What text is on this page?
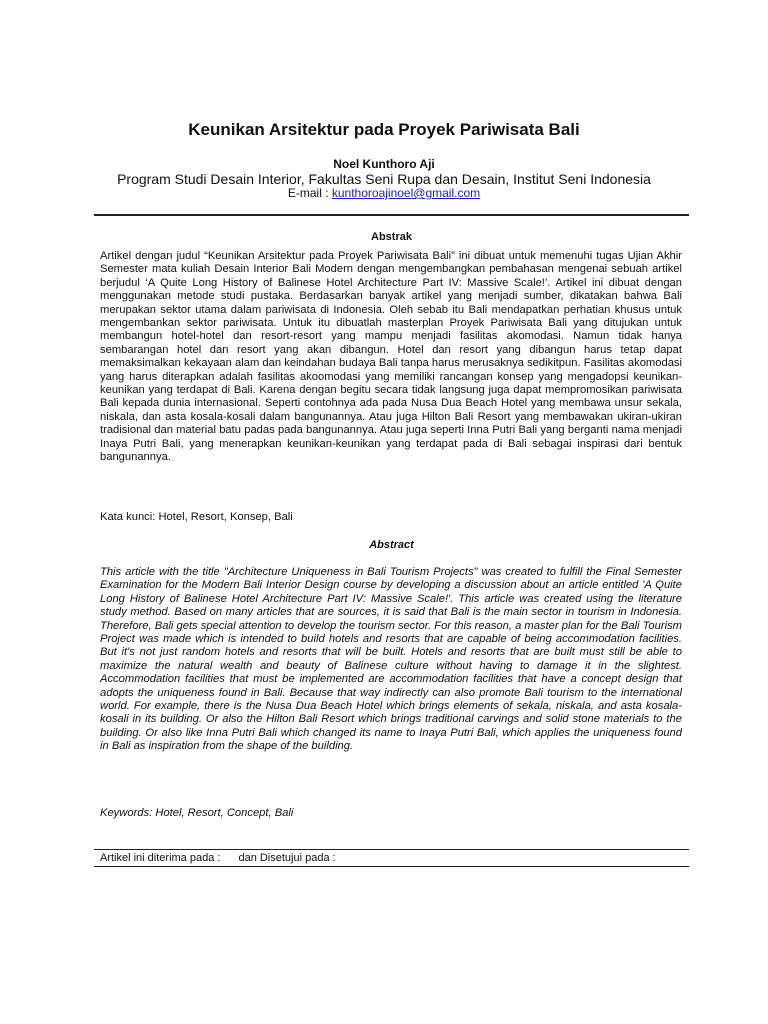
Keunikan Arsitektur pada Proyek Pariwisata Bali
Noel Kunthoro Aji
Program Studi Desain Interior, Fakultas Seni Rupa dan Desain, Institut Seni Indonesia
E-mail : kunthoroajinoel@gmail.com
Abstrak

Artikel dengan judul “Keunikan Arsitektur pada Proyek Pariwisata Bali” ini dibuat untuk memenuhi tugas Ujian Akhir Semester mata kuliah Desain Interior Bali Modern dengan mengembangkan pembahasan mengenai sebuah artikel berjudul ‘A Quite Long History of Balinese Hotel Architecture Part IV: Massive Scale!’. Artikel ini dibuat dengan menggunakan metode studi pustaka. Berdasarkan banyak artikel yang menjadi sumber, dikatakan bahwa Bali merupakan sektor utama dalam pariwisata di Indonesia. Oleh sebab itu Bali mendapatkan perhatian khusus untuk mengembankan sektor pariwisata. Untuk itu dibuatlah masterplan Proyek Pariwisata Bali yang ditujukan untuk membangun hotel-hotel dan resort-resort yang mampu menjadi fasilitas akomodasi. Namun tidak hanya sembarangan hotel dan resort yang akan dibangun. Hotel dan resort yang dibangun harus tetap dapat memaksimalkan kekayaan alam dan keindahan budaya Bali tanpa harus merusaknya sedikitpun. Fasilitas akomodasi yang harus diterapkan adalah fasilitas akoomodasi yang memiliki rancangan konsep yang mengadopsi keunikan-keunikan yang terdapat di Bali. Karena dengan begitu secara tidak langsung juga dapat mempromosikan pariwisata Bali kepada dunia internasional. Seperti contohnya ada pada Nusa Dua Beach Hotel yang membawa unsur sekala, niskala, dan asta kosala-kosali dalam bangunannya. Atau juga Hilton Bali Resort yang membawakan ukiran-ukiran tradisional dan material batu padas pada bangunannya. Atau juga seperti Inna Putri Bali yang berganti nama menjadi Inaya Putri Bali, yang menerapkan keunikan-keunikan yang terdapat pada di Bali sebagai inspirasi dari bentuk bangunannya.

Kata kunci: Hotel, Resort, Konsep, Bali

Abstract

This article with the title "Architecture Uniqueness in Bali Tourism Projects" was created to fulfill the Final Semester Examination for the Modern Bali Interior Design course by developing a discussion about an article entitled 'A Quite Long History of Balinese Hotel Architecture Part IV: Massive Scale!'. This article was created using the literature study method. Based on many articles that are sources, it is said that Bali is the main sector in tourism in Indonesia. Therefore, Bali gets special attention to develop the tourism sector. For this reason, a master plan for the Bali Tourism Project was made which is intended to build hotels and resorts that are capable of being accommodation facilities. But it's not just random hotels and resorts that will be built. Hotels and resorts that are built must still be able to maximize the natural wealth and beauty of Balinese culture without having to damage it in the slightest. Accommodation facilities that must be implemented are accommodation facilities that have a concept design that adopts the uniqueness found in Bali. Because that way indirectly can also promote Bali tourism to the international world. For example, there is the Nusa Dua Beach Hotel which brings elements of sekala, niskala, and asta kosala-kosali in its building. Or also the Hilton Bali Resort which brings traditional carvings and solid stone materials to the building. Or also like Inna Putri Bali which changed its name to Inaya Putri Bali, which applies the uniqueness found in Bali as inspiration from the shape of the building.

Keywords: Hotel, Resort, Concept, Bali

Artikel ini diterima pada : dan Disetujui pada :
